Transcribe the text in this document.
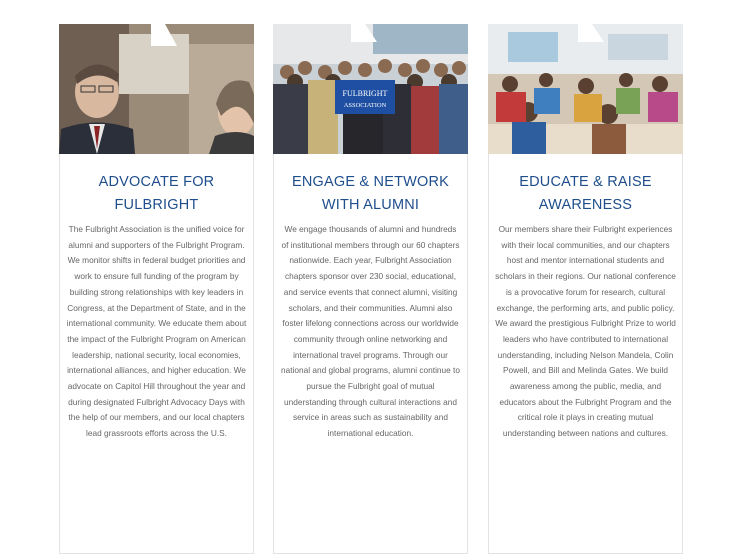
ADVOCATE FOR
FULBRIGHT

The Fulbright Association is the unified voice for alumni and supporters of the Fulbright Program. We monitor shifts in federal budget priorities and work to ensure full funding of the program by building strong relationships with key leaders in Congress, at the Department of State, and in the international community. We educate them about the impact of the Fulbright Program on American leadership, national security, local economies, international alliances, and higher education. We advocate on Capitol Hill throughout the year and during designated Fulbright Advocacy Days with the help of our members, and our local chapters lead grassroots efforts across the U.S.

FULBRIGHT
ASSOCIATION
ENGAGE & NETWORK
WITH ALUMNI

We engage thousands of alumni and hundreds of institutional members through our 60 chapters nationwide. Each year, Fulbright Association chapters sponsor over 230 social, educational, and service events that connect alumni, visiting scholars, and their communities. Alumni also foster lifelong connections across our worldwide community through online networking and international travel programs. Through our national and global programs, alumni continue to pursue the Fulbright goal of mutual understanding through cultural interactions and service in areas such as sustainability and international education.

EDUCATE & RAISE
AWARENESS

Our members share their Fulbright experiences with their local communities, and our chapters host and mentor international students and scholars in their regions. Our national conference is a provocative forum for research, cultural exchange, the performing arts, and public policy. We award the prestigious Fulbright Prize to world leaders who have contributed to international understanding, including Nelson Mandela, Colin Powell, and Bill and Melinda Gates. We build awareness among the public, media, and educators about the Fulbright Program and the critical role it plays in creating mutual understanding between nations and cultures.
